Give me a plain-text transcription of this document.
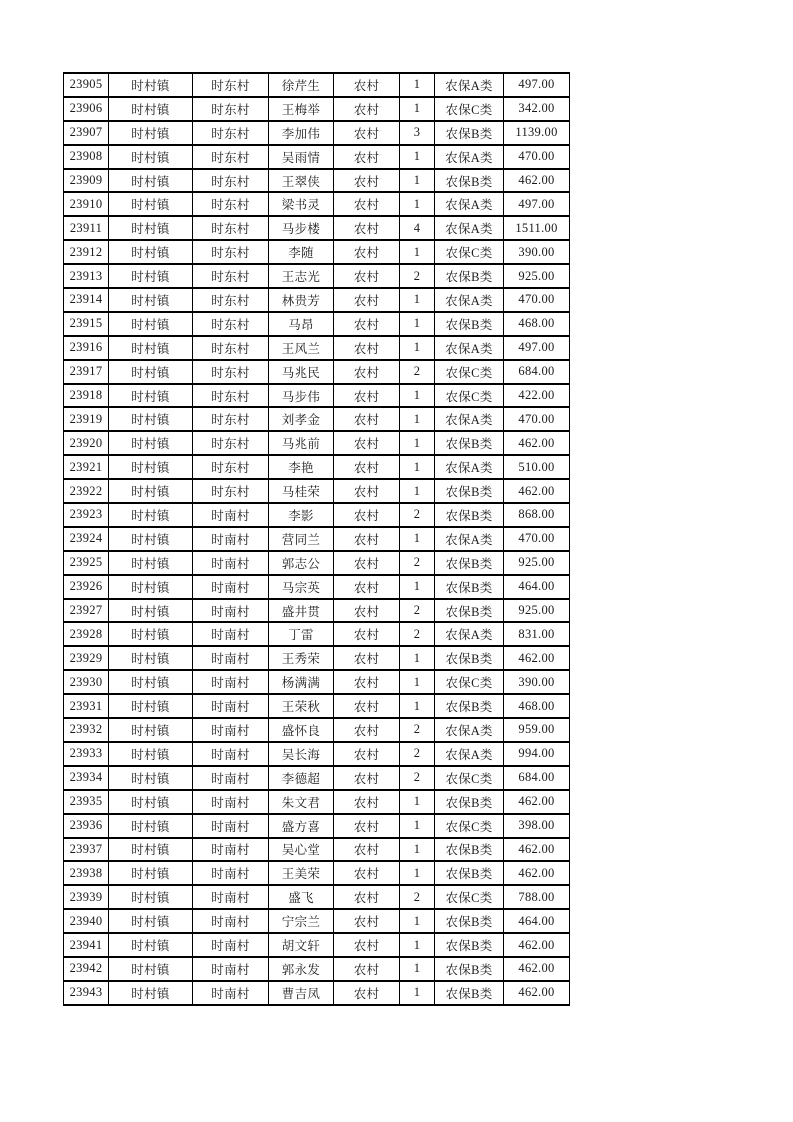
23905	时村镇	时东村	徐芹生	农村	1	农保A类	497.00
23906	时村镇	时东村	王梅举	农村	1	农保C类	342.00
23907	时村镇	时东村	李加伟	农村	3	农保B类	1139.00
23908	时村镇	时东村	吴雨情	农村	1	农保A类	470.00
23909	时村镇	时东村	王翠侠	农村	1	农保B类	462.00
23910	时村镇	时东村	梁书灵	农村	1	农保A类	497.00
23911	时村镇	时东村	马步楼	农村	4	农保A类	1511.00
23912	时村镇	时东村	李随	农村	1	农保C类	390.00
23913	时村镇	时东村	王志光	农村	2	农保B类	925.00
23914	时村镇	时东村	林贵芳	农村	1	农保A类	470.00
23915	时村镇	时东村	马昂	农村	1	农保B类	468.00
23916	时村镇	时东村	王风兰	农村	1	农保A类	497.00
23917	时村镇	时东村	马兆民	农村	2	农保C类	684.00
23918	时村镇	时东村	马步伟	农村	1	农保C类	422.00
23919	时村镇	时东村	刘孝金	农村	1	农保A类	470.00
23920	时村镇	时东村	马兆前	农村	1	农保B类	462.00
23921	时村镇	时东村	李艳	农村	1	农保A类	510.00
23922	时村镇	时东村	马桂荣	农村	1	农保B类	462.00
23923	时村镇	时南村	李影	农村	2	农保B类	868.00
23924	时村镇	时南村	营同兰	农村	1	农保A类	470.00
23925	时村镇	时南村	郭志公	农村	2	农保B类	925.00
23926	时村镇	时南村	马宗英	农村	1	农保B类	464.00
23927	时村镇	时南村	盛井贯	农村	2	农保B类	925.00
23928	时村镇	时南村	丁雷	农村	2	农保A类	831.00
23929	时村镇	时南村	王秀荣	农村	1	农保B类	462.00
23930	时村镇	时南村	杨满满	农村	1	农保C类	390.00
23931	时村镇	时南村	王荣秋	农村	1	农保B类	468.00
23932	时村镇	时南村	盛怀良	农村	2	农保A类	959.00
23933	时村镇	时南村	吴长海	农村	2	农保A类	994.00
23934	时村镇	时南村	李德超	农村	2	农保C类	684.00
23935	时村镇	时南村	朱文君	农村	1	农保B类	462.00
23936	时村镇	时南村	盛方喜	农村	1	农保C类	398.00
23937	时村镇	时南村	吴心堂	农村	1	农保B类	462.00
23938	时村镇	时南村	王美荣	农村	1	农保B类	462.00
23939	时村镇	时南村	盛飞	农村	2	农保C类	788.00
23940	时村镇	时南村	宁宗兰	农村	1	农保B类	464.00
23941	时村镇	时南村	胡文轩	农村	1	农保B类	462.00
23942	时村镇	时南村	郭永发	农村	1	农保B类	462.00
23943	时村镇	时南村	曹吉凤	农村	1	农保B类	462.00
